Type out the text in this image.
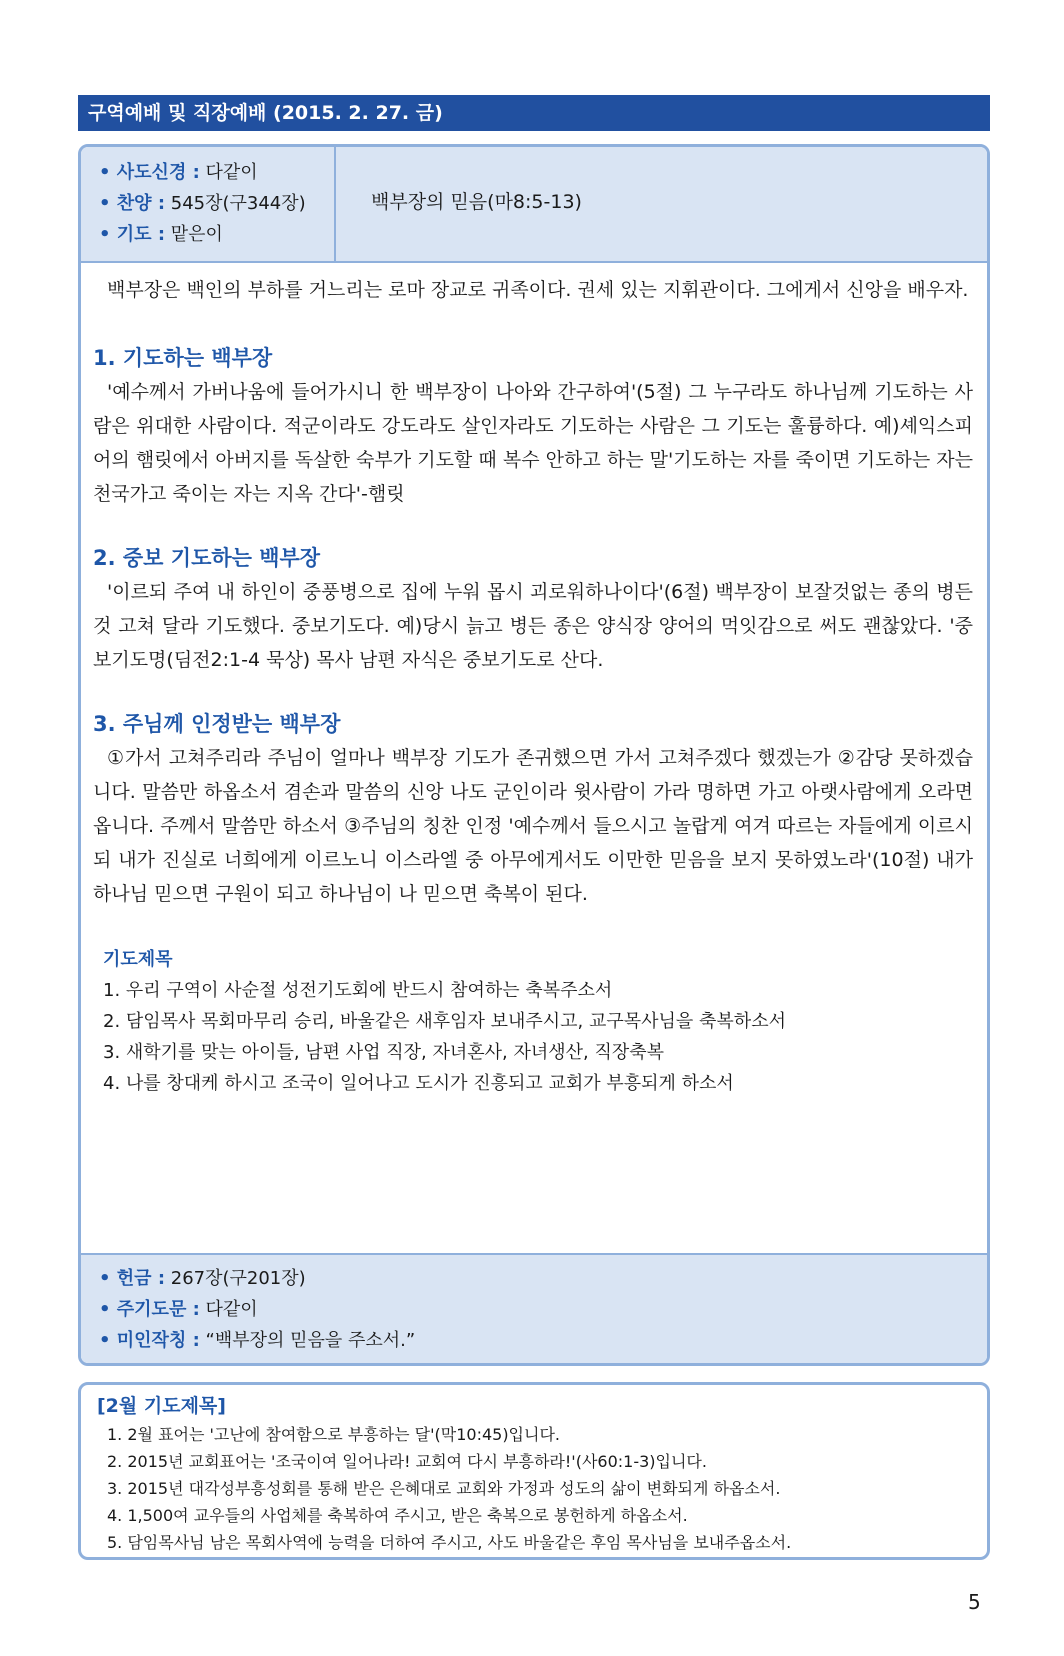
구역예배 및 직장예배 (2015. 2. 27. 금)
• 사도신경 : 다같이
• 찬양 : 545장(구344장)
• 기도 : 맡은이
백부장의 믿음(마8:5-13)

백부장은 백인의 부하를 거느리는 로마 장교로 귀족이다. 권세 있는 지휘관이다. 그에게서 신앙을 배우자.

1. 기도하는 백부장

'예수께서 가버나움에 들어가시니 한 백부장이 나아와 간구하여'(5절) 그 누구라도 하나님께 기도하는 사람은 위대한 사람이다. 적군이라도 강도라도 살인자라도 기도하는 사람은 그 기도는 훌륭하다. 예)셰익스피어의 햄릿에서 아버지를 독살한 숙부가 기도할 때 복수 안하고 하는 말'기도하는 자를 죽이면 기도하는 자는 천국가고 죽이는 자는 지옥 간다'-햄릿

2. 중보 기도하는 백부장

'이르되 주여 내 하인이 중풍병으로 집에 누워 몹시 괴로워하나이다'(6절) 백부장이 보잘것없는 종의 병든 것 고쳐 달라 기도했다. 중보기도다. 예)당시 늙고 병든 종은 양식장 양어의 먹잇감으로 써도 괜찮았다. '중보기도명(딤전2:1-4 묵상) 목사 남편 자식은 중보기도로 산다.

3. 주님께 인정받는 백부장

①가서 고쳐주리라 주님이 얼마나 백부장 기도가 존귀했으면 가서 고쳐주겠다 했겠는가 ②감당 못하겠습니다. 말씀만 하옵소서 겸손과 말씀의 신앙 나도 군인이라 윗사람이 가라 명하면 가고 아랫사람에게 오라면 옵니다. 주께서 말씀만 하소서 ③주님의 칭찬 인정 '예수께서 들으시고 놀랍게 여겨 따르는 자들에게 이르시되 내가 진실로 너희에게 이르노니 이스라엘 중 아무에게서도 이만한 믿음을 보지 못하였노라'(10절) 내가 하나님 믿으면 구원이 되고 하나님이 나 믿으면 축복이 된다.

기도제목

1. 우리 구역이 사순절 성전기도회에 반드시 참여하는 축복주소서

2. 담임목사 목회마무리 승리, 바울같은 새후임자 보내주시고, 교구목사님을 축복하소서

3. 새학기를 맞는 아이들, 남편 사업 직장, 자녀혼사, 자녀생산, 직장축복

4. 나를 창대케 하시고 조국이 일어나고 도시가 진흥되고 교회가 부흥되게 하소서

• 헌금 : 267장(구201장)
• 주기도문 : 다같이
• 미인작칭 : “백부장의 믿음을 주소서.”

[2월 기도제목]

1. 2월 표어는 '고난에 참여함으로 부흥하는 달'(막10:45)입니다.

2. 2015년 교회표어는 '조국이여 일어나라! 교회여 다시 부흥하라!'(사60:1-3)입니다.

3. 2015년 대각성부흥성회를 통해 받은 은혜대로 교회와 가정과 성도의 삶이 변화되게 하옵소서.

4. 1,500여 교우들의 사업체를 축복하여 주시고, 받은 축복으로 봉헌하게 하옵소서.

5. 담임목사님 남은 목회사역에 능력을 더하여 주시고, 사도 바울같은 후임 목사님을 보내주옵소서.

5
